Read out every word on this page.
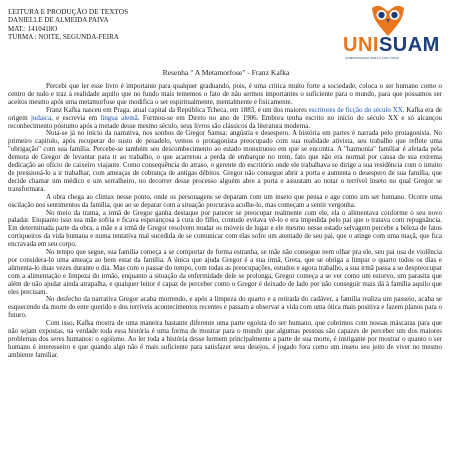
LEITURA E PRODUÇÃO DE TEXTOS
DANIELLE DE ALMEIDA PAIVA
MAT.: 1410418O
TURMA : NOITE, SEGUNDA-FEIRA	UNISUAM
COMPROMISSO PARA A VIDA TODA
Resenha " A Metamorfose" - Franz Kafka

Percebi que ler esse livro é importante para qualquer graduando, pois, é uma critica muito forte a sociedade, coloca o ser humano como o centro de tudo e traz à realidade aquilo que no fundo mais tememos o fato de não sermos importantes o suficiente para o mundo, para que possamos ser aceitos mesmo após uma metamorfose que modifica o ser espiritualmente, mentalmente e fisicamente.

Franz Kafka nasceu em Praga, atual capital da República Tcheca, em 1883, é um dos maiores escritores de ficção do século XX. Kafka era de origem judaica, e escrevia em língua alemã. Formou-se em Direto no ano de 1906. Embora tenha escrito no início do século XX e só alcançou reconhecimento póstumo após a metade desse mesmo século, seus livros são clássicos da literatura moderna.

Nota-se já no início da narrativa, nos sonhos de Gregor Samsa: angústia e desespero. A história em partes é narrada pelo protagonista. No primeiro capitulo, após recuperar do susto de pesadelo, vemos o protagonista preocupado com sua realidade ativista, seu trabalho que reflete uma "obrigação" com sua família. Percebe-se também seu descombecimento ao estado monstruoso em que se encontra. A "harmonia" familiar é afetada pela demora de Gregor de levantar para ir ao trabalho, o que acarretou a perda de embarque no trem, fato que não era normal por causa de sua extrema dedicação ao ofício de caixeiro viajante. Como consequência do atraso, o gerente do escritório onde ele trabalhava se dirige a sua residência com o intuito de pressioná-lo a ir trabalhar, com ameaças de cobrança de antigas débitos. Gregor não consegue abrir a porta e aumenta o desespero de sua família, que decide chamar um médico e um serralheiro, no decorrer desse processo alguém abre a porta e assustam ao notar o terrível inseto no qual Gregor se transformara.

A obra chega ao climax nesse ponto, onde os personagens se deparam com um inseto que pensa e age como um ser humano. Ocorre uma oscilação nos sentimentos da família, que ao se deparar com a situação procurava acolhe-lo, mas começam a sentir vergonha.

No meio da trama, a irmã de Gregor ganha destaque por parecer se preocupar realmente com ele, ela o alimentava conforme o seu novo paladar. Enquanto isso sua mãe sofria e ficava esperançosa à cura do filho, contudo evitava vê-lo e era impedida pelo pai que o tratava com repugnância. Em determinada parte da obra, a mãe e a irmã de Gregor resolvem mudar os móveis de lugar e ele mesmo nesse estado selvagem percebe a beleza de fatos corriqueiros da vida humana e numa tentativa mal sucedida de se comunicar com elas sofre um atentado de seu pai, que o atinge com uma maçã, que fica encravada em seu corpo.

No tempo que segue, sua família começa a se comportar de forma estranha, se mãe não consegue nem olhar pra ele, seu pai usa de violência por considera-lo uma ameaça ao bem estar da família. A única que ajuda Gregor é a sua irmã, Greta, que se obriga a limpar o quarto todos os dias e alimenta-lo duas vezes durante o dia. Mas com o passar do tempo, com todas as preocupações, estudos e agora trabalho, a sua irmã passa a se despreocupar com a alimentação e limpeza do irmão, enquanto a situação da enfermidade dele se prolonga, Gregor começa a se ver como um estorvo, um parasita que além de não ajudar ainda atrapalha, e qualquer leitor é capaz de perceber como o Gregor é deixado de lado por não conseguir mais dá à família aquilo que eles precisam.

No desfecho da narrativa Gregor acaba morrendo, e após a limpeza do quarto e a retirada do cadáver, a família realiza um passeio, acaba se esquecendo da morte do ente querido e dos terríveis acontecimentos recentes e passam a observar a vida com uma ótica mais positiva e fazem planos para o futuro.

Com isso, Kafka mostra de uma maneira bastante diferente uma parte egoísta do ser humano, que cobrimos com nossas máscaras para que não sejam expostas, na verdade toda essa história é uma forma de mostrar para o mundo que algumas pessoas são capazes de perceber um dos maiores problemas dos seres humanos: o egoísmo. Ao ler toda a história desse homem principalmente a parte de sua morte, é instigante por mostrar o quanto o ser humano é interesseiro e que quando algo não é mais suficiente para satisfazer seus desejos, é jogado fora como um inseto seu jeito de viver no mesmo ambiente familiar.
